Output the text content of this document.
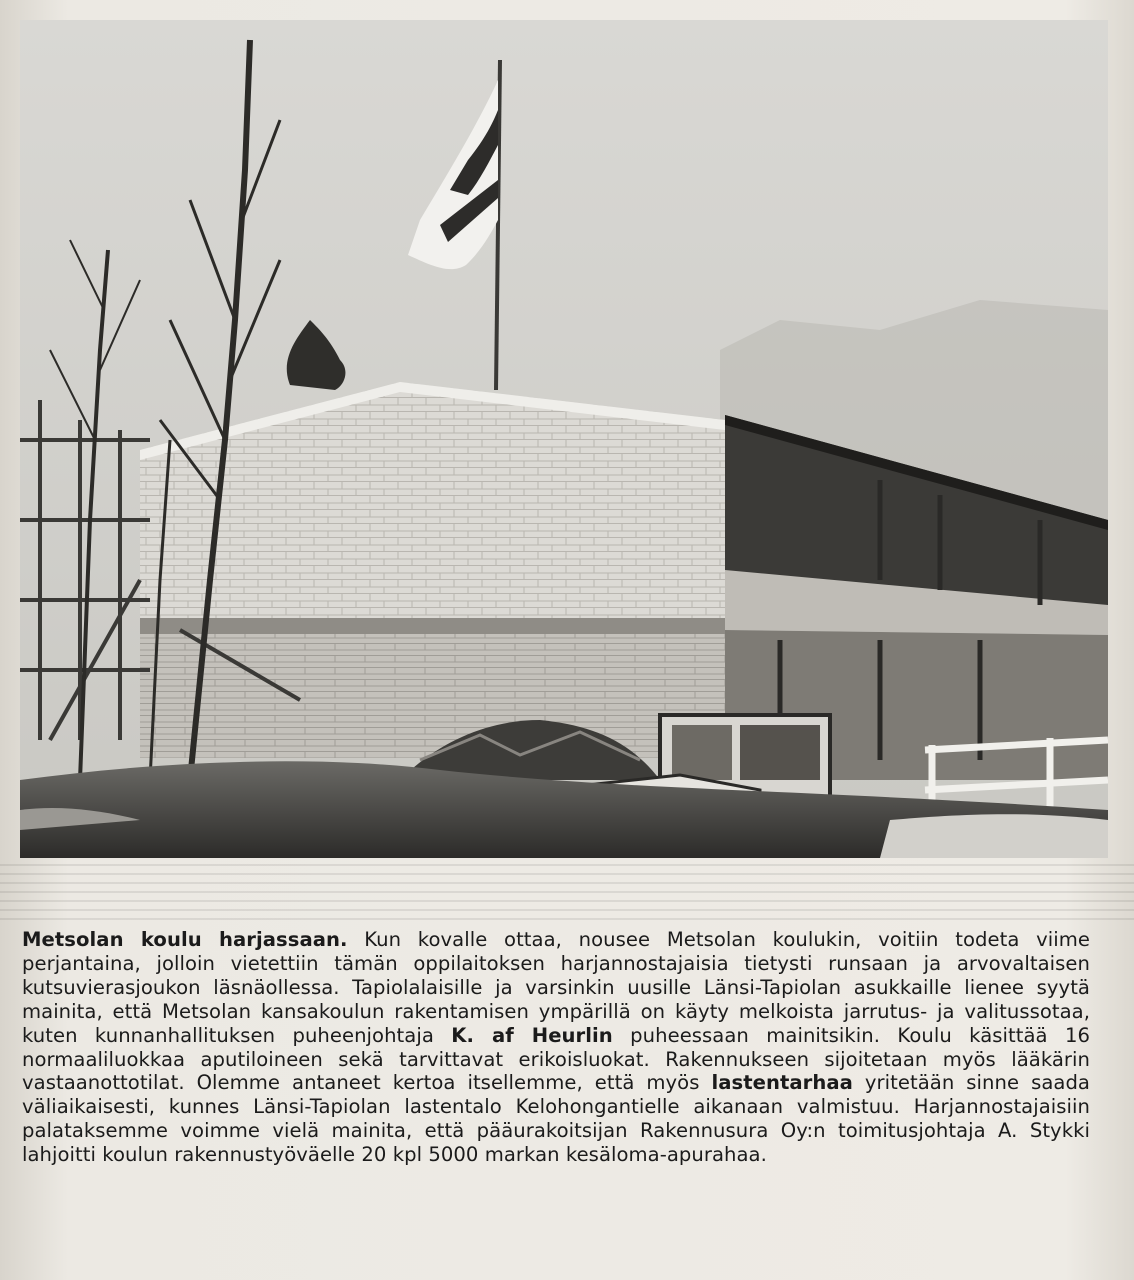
Metsolan koulu harjassaan. Kun kovalle ottaa, nousee Metsolan koulukin, voitiin todeta viime perjantaina, jolloin vietettiin tämän oppilaitoksen harjannostajaisia tietysti runsaan ja arvovaltaisen kutsuvierasjoukon läsnäollessa. Tapiolalaisille ja varsinkin uusille Länsi-Tapiolan asukkaille lienee syytä mainita, että Metsolan kansakoulun rakentamisen ympärillä on käyty melkoista jarrutus- ja valitussotaa, kuten kunnanhallituksen puheenjohtaja K. af Heurlin puheessaan mainitsikin. Koulu käsittää 16 normaaliluokkaa aputiloineen sekä tarvittavat erikoisluokat. Rakennukseen sijoitetaan myös lääkärin vastaanottotilat. Olemme antaneet kertoa itsellemme, että myös lastentarhaa yritetään sinne saada väliaikaisesti, kunnes Länsi-Tapiolan lastentalo Kelohongantielle aikanaan valmistuu. Harjannostajaisiin palataksemme voimme vielä mainita, että pääurakoitsijan Rakennusura Oy:n toimitusjohtaja A. Stykki lahjoitti koulun rakennustyöväelle 20 kpl 5000 markan kesäloma-apurahaa.
